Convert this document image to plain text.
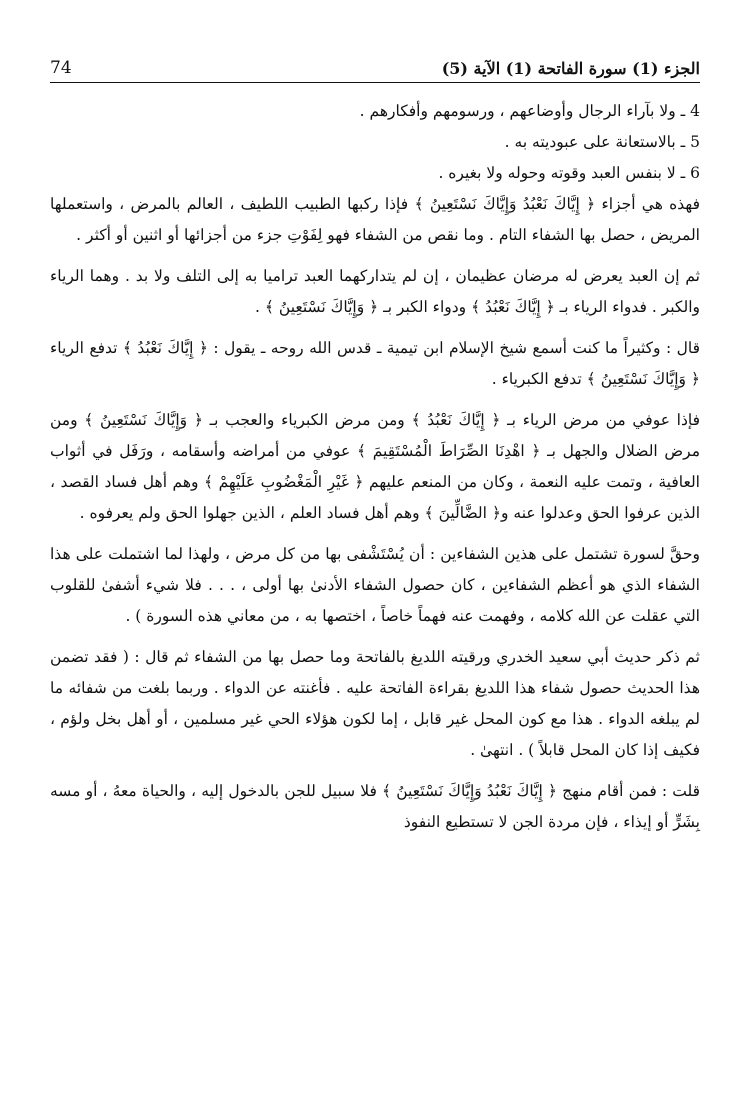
74	الجزء (1) سورة الفاتحة (1) الآية (5)

4 ـ ولا بآراء الرجال وأوضاعهم ، ورسومهم وأفكارهم .

5 ـ بالاستعانة على عبوديته به .

6 ـ لا بنفس العبد وقوته وحوله ولا بغيره .

فهذه هي أجزاء ﴿ إِيَّاكَ نَعْبُدُ وَإِيَّاكَ نَسْتَعِينُ ﴾ فإذا ركبها الطبيب اللطيف ، العالم بالمرض ، واستعملها المريض ، حصل بها الشفاء التام . وما نقص من الشفاء فهو لِفَوْتِ جزء من أجزائها أو اثنين أو أكثر .

ثم إن العبد يعرض له مرضان عظيمان ، إن لم يتداركهما العبد تراميا به إلى التلف ولا بد . وهما الرياء والكبر . فدواء الرياء بـ ﴿ إِيَّاكَ نَعْبُدُ ﴾ ودواء الكبر بـ ﴿ وَإِيَّاكَ نَسْتَعِينُ ﴾ .

قال : وكثيراً ما كنت أسمع شيخ الإسلام ابن تيمية ـ قدس الله روحه ـ يقول : ﴿ إِيَّاكَ نَعْبُدُ ﴾ تدفع الرياء ﴿ وَإِيَّاكَ نَسْتَعِينُ ﴾ تدفع الكبرياء .

فإذا عوفي من مرض الرياء بـ ﴿ إِيَّاكَ نَعْبُدُ ﴾ ومن مرض الكبرياء والعجب بـ ﴿ وَإِيَّاكَ نَسْتَعِينُ ﴾ ومن مرض الضلال والجهل بـ ﴿ اهْدِنَا الصِّرَاطَ الْمُسْتَقِيمَ ﴾ عوفي من أمراضه وأسقامه ، ورَفَل في أثواب العافية ، وتمت عليه النعمة ، وكان من المنعم عليهم ﴿ غَيْرِ الْمَغْضُوبِ عَلَيْهِمْ ﴾ وهم أهل فساد القصد ، الذين عرفوا الحق وعدلوا عنه و﴿ الضَّالِّينَ ﴾ وهم أهل فساد العلم ، الذين جهلوا الحق ولم يعرفوه .

وحقَّ لسورة تشتمل على هذين الشفاءين : أن يُسْتَشْفى بها من كل مرض ، ولهذا لما اشتملت على هذا الشفاء الذي هو أعظم الشفاءين ، كان حصول الشفاء الأدنىٰ بها أولى ، . . . فلا شيء أشفىٰ للقلوب التي عقلت عن الله كلامه ، وفهمت عنه فهماً خاصاً ، اختصها به ، من معاني هذه السورة ) .

ثم ذكر حديث أبي سعيد الخدري ورقيته اللديغ بالفاتحة وما حصل بها من الشفاء ثم قال : ( فقد تضمن هذا الحديث حصول شفاء هذا اللديغ بقراءة الفاتحة عليه . فأغنته عن الدواء . وربما بلغت من شفائه ما لم يبلغه الدواء . هذا مع كون المحل غير قابل ، إما لكون هؤلاء الحي غير مسلمين ، أو أهل بخل ولؤم ، فكيف إذا كان المحل قابلاً ) . انتهىٰ .

قلت : فمن أقام منهج ﴿ إِيَّاكَ نَعْبُدُ وَإِيَّاكَ نَسْتَعِينُ ﴾ فلا سبيل للجن بالدخول إليه ، والحياة معهُ ، أو مسه بِشَرٍّ أو إيذاء ، فإن مردة الجن لا تستطيع النفوذ
